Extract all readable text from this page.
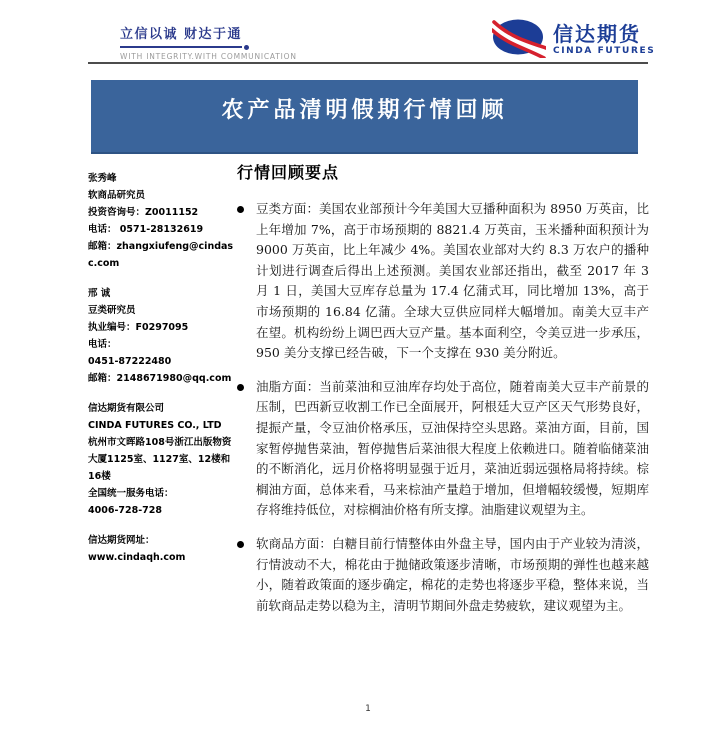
立信以诚 财达于通
WITH INTEGRITY.WITH COMMUNICATION
信达期货
CINDA FUTURES
农产品清明假期行情回顾
张秀峰
软商品研究员
投资咨询号：Z0011152
电话： 0571-28132619
邮箱：zhangxiufeng@cindasc.com
邢 诚
豆类研究员
执业编号：F0297095
电话：
0451-87222480
邮箱：2148671980@qq.com
信达期货有限公司
CINDA FUTURES CO., LTD
杭州市文晖路108号浙江出版物资大厦1125室、1127室、12楼和16楼
全国统一服务电话：
4006-728-728
信达期货网址：
www.cindaqh.com
行情回顾要点

豆类方面：美国农业部预计今年美国大豆播种面积为 8950 万英亩，比上年增加 7%，高于市场预期的 8821.4 万英亩，玉米播种面积预计为 9000 万英亩，比上年减少 4%。美国农业部对大约 8.3 万农户的播种计划进行调查后得出上述预测。美国农业部还指出，截至 2017 年 3 月 1 日，美国大豆库存总量为 17.4 亿蒲式耳，同比增加 13%，高于市场预期的 16.84 亿蒲。全球大豆供应同样大幅增加。南美大豆丰产在望。机构纷纷上调巴西大豆产量。基本面利空，令美豆进一步承压，950 美分支撑已经告破，下一个支撑在 930 美分附近。

油脂方面：当前菜油和豆油库存均处于高位，随着南美大豆丰产前景的压制，巴西新豆收割工作已全面展开，阿根廷大豆产区天气形势良好，提振产量，令豆油价格承压，豆油保持空头思路。菜油方面，目前，国家暂停抛售菜油，暂停抛售后菜油很大程度上依赖进口。随着临储菜油的不断消化，远月价格将明显强于近月，菜油近弱远强格局将持续。棕榈油方面，总体来看，马来棕油产量趋于增加，但增幅较缓慢，短期库存将维持低位，对棕榈油价格有所支撑。油脂建议观望为主。

软商品方面：白糖目前行情整体由外盘主导，国内由于产业较为清淡，行情波动不大，棉花由于抛储政策逐步清晰，市场预期的弹性也越来越小，随着政策面的逐步确定，棉花的走势也将逐步平稳，整体来说，当前软商品走势以稳为主，清明节期间外盘走势疲软，建议观望为主。

1
